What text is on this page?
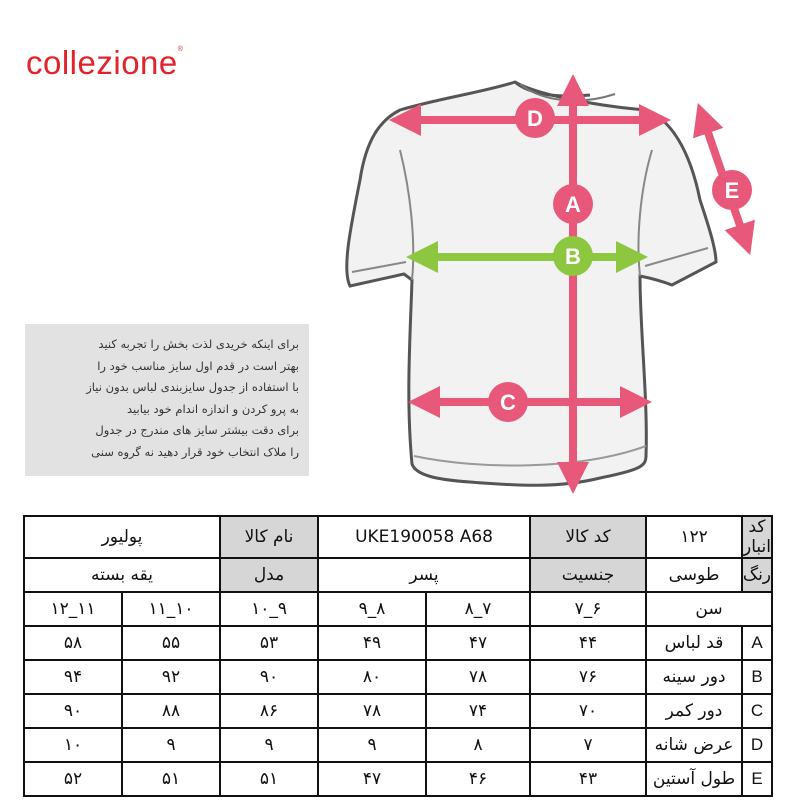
collezione®
D
A
B
C
E

برای اینکه خریدی لذت بخش را تجربه کنید

بهتر است در قدم اول سایز مناسب خود را

با استفاده از جدول سایزبندی لباس بدون نیاز

به پرو کردن و اندازه اندام خود بیابید

برای دقت بیشتر سایز های مندرج در جدول

را ملاک انتخاب خود قرار دهید نه گروه سنی

پولیور		نام کالا	UKE190058 A68		کد کالا	۱۲۲	کد انبار
یقه بسته		مدل	پسر		جنسیت	طوسی	رنگ
۱۱_۱۲	۱۰_۱۱	۹_۱۰	۸_۹	۷_۸	۶_۷	سن	
۵۸	۵۵	۵۳	۴۹	۴۷	۴۴	قد لباس	A
۹۴	۹۲	۹۰	۸۰	۷۸	۷۶	دور سینه	B
۹۰	۸۸	۸۶	۷۸	۷۴	۷۰	دور کمر	C
۱۰	۹	۹	۹	۸	۷	عرض شانه	D
۵۲	۵۱	۵۱	۴۷	۴۶	۴۳	طول آستین	E
